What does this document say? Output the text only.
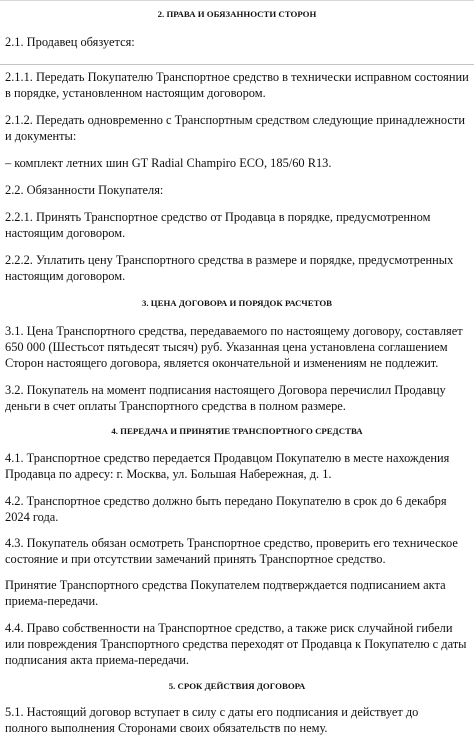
2. ПРАВА И ОБЯЗАННОСТИ СТОРОН

2.1. Продавец обязуется:

2.1.1. Передать Покупателю Транспортное средство в технически исправном состоянии

в порядке, установленном настоящим договором.

2.1.2. Передать одновременно с Транспортным средством следующие принадлежности

и документы:

– комплект летних шин GT Radial Champiro ECO, 185/60 R13.

2.2. Обязанности Покупателя:

2.2.1. Принять Транспортное средство от Продавца в порядке, предусмотренном

настоящим договором.

2.2.2. Уплатить цену Транспортного средства в размере и порядке, предусмотренных

настоящим договором.

3. ЦЕНА ДОГОВОРА И ПОРЯДОК РАСЧЕТОВ

3.1. Цена Транспортного средства, передаваемого по настоящему договору, составляет

650 000 (Шестьсот пятьдесят тысяч) руб. Указанная цена установлена соглашением

Сторон настоящего договора, является окончательной и изменениям не подлежит.

3.2. Покупатель на момент подписания настоящего Договора перечислил Продавцу

деньги в счет оплаты Транспортного средства в полном размере.

4. ПЕРЕДАЧА И ПРИНЯТИЕ ТРАНСПОРТНОГО СРЕДСТВА

4.1. Транспортное средство передается Продавцом Покупателю в месте нахождения

Продавца по адресу: г. Москва, ул. Большая Набережная, д. 1.

4.2. Транспортное средство должно быть передано Покупателю в срок до 6 декабря

2024 года.

4.3. Покупатель обязан осмотреть Транспортное средство, проверить его техническое

состояние и при отсутствии замечаний принять Транспортное средство.

Принятие Транспортного средства Покупателем подтверждается подписанием акта

приема-передачи.

4.4. Право собственности на Транспортное средство, а также риск случайной гибели

или повреждения Транспортного средства переходят от Продавца к Покупателю с даты

подписания акта приема-передачи.

5. СРОК ДЕЙСТВИЯ ДОГОВОРА

5.1. Настоящий договор вступает в силу с даты его подписания и действует до

полного выполнения Сторонами своих обязательств по нему.
